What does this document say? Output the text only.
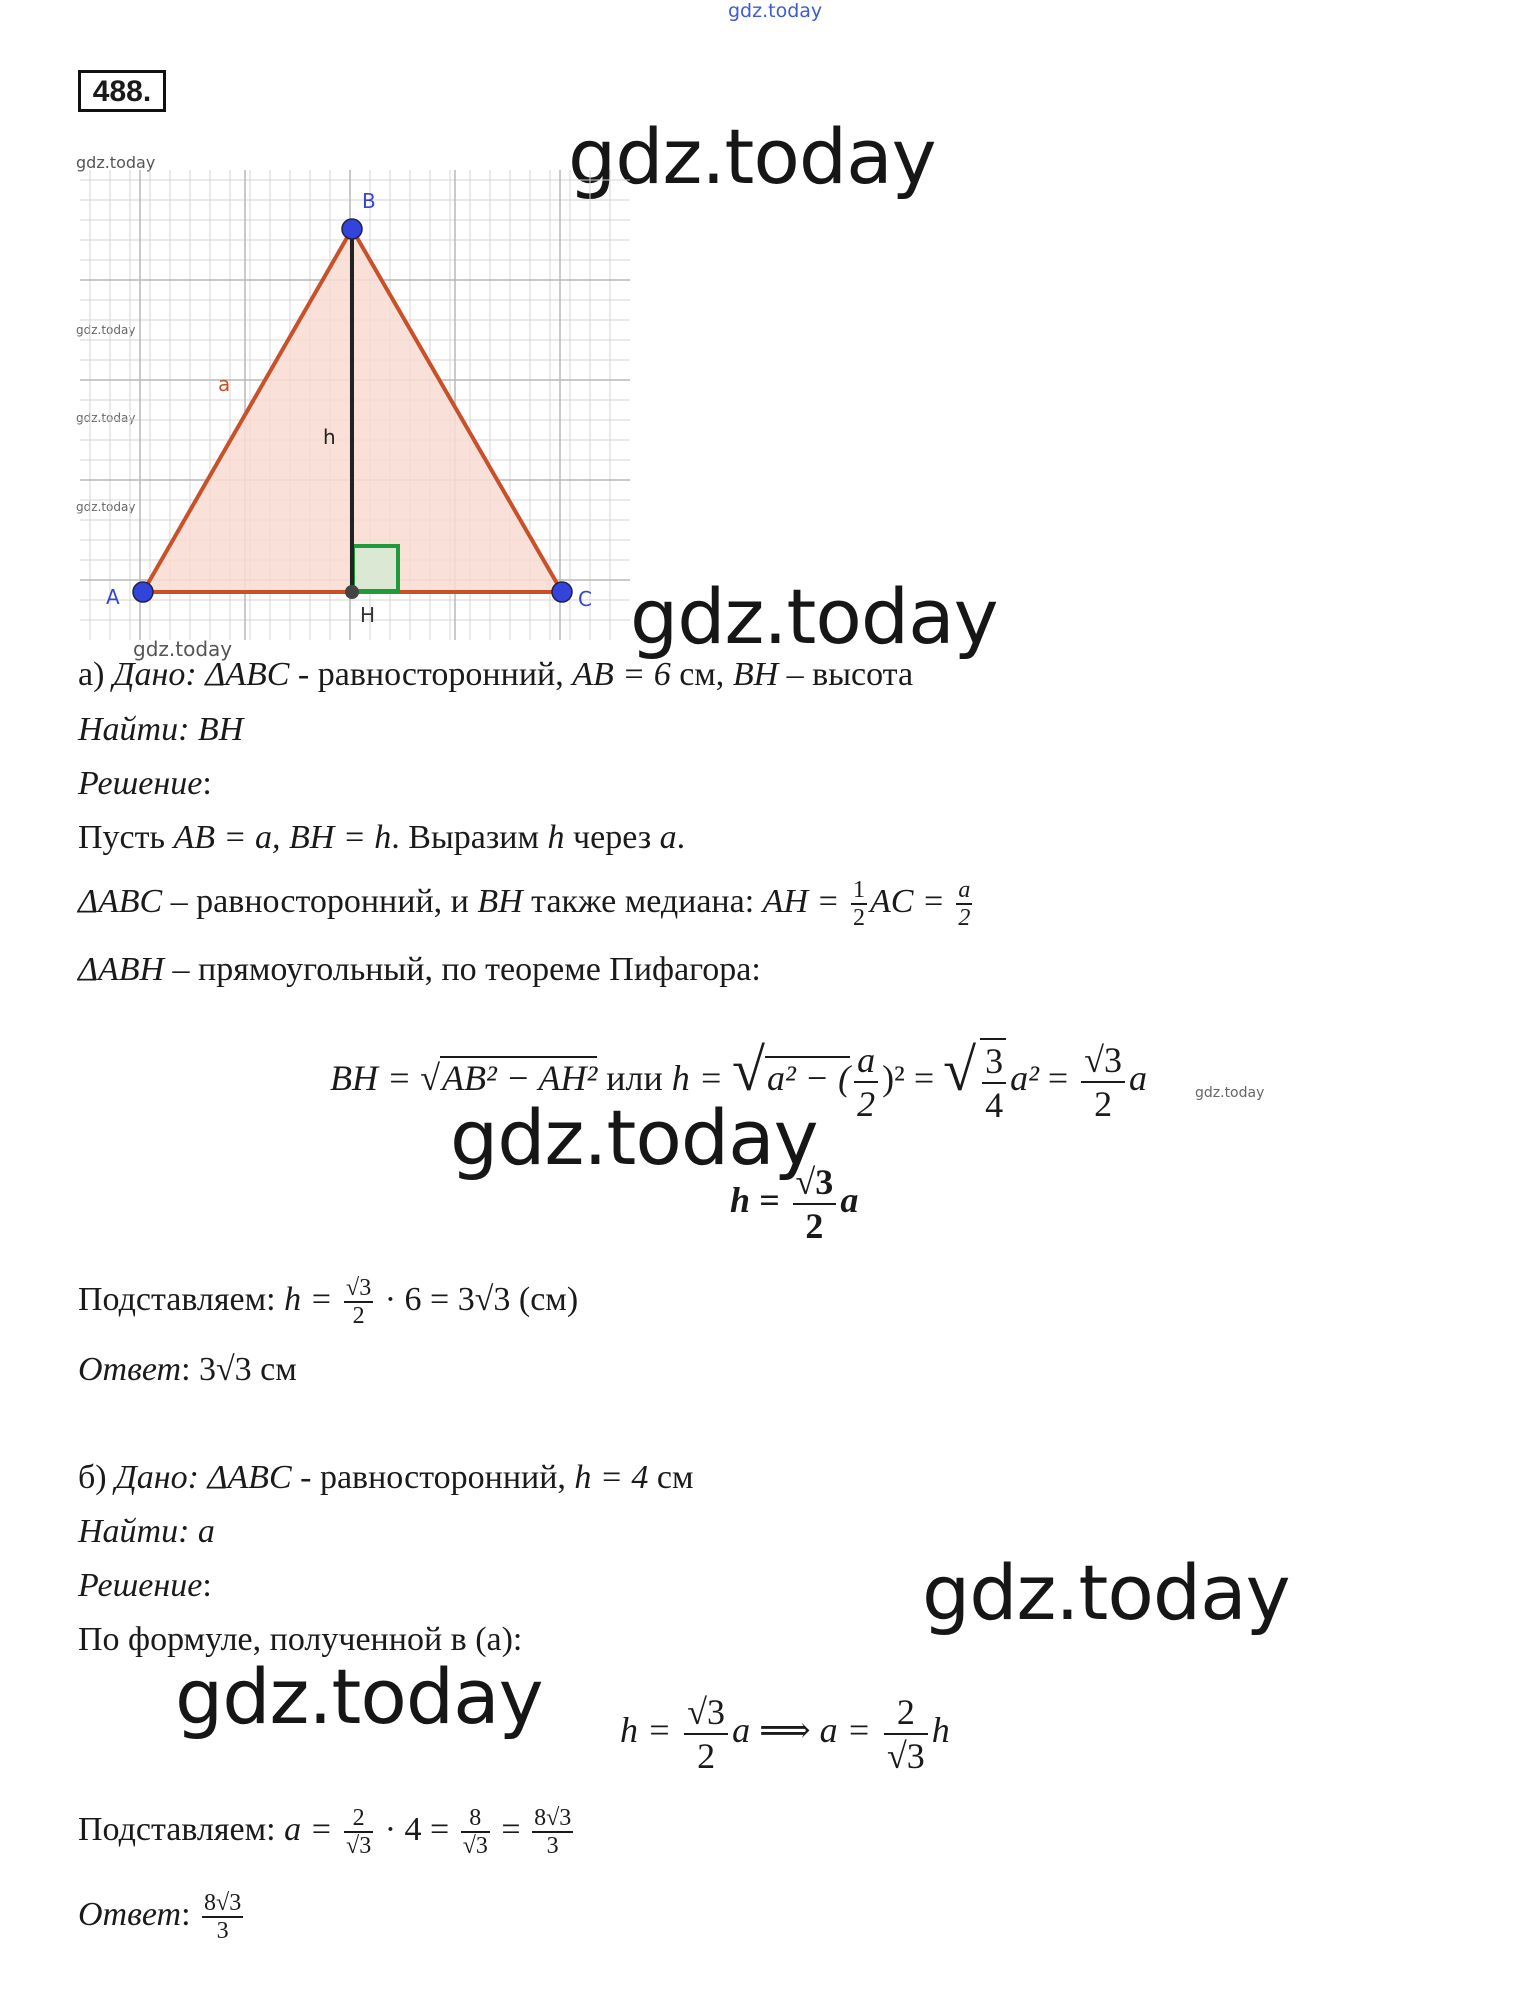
gdz.today
488.
gdz.today
gdz.today
gdz.today
gdz.today
gdz.today
gdz.today
gdz.today
gdz.today
gdz.today
gdz.today
B
A	C
H
a
h
а) Дано: ΔABC - равносторонний, AB = 6 см, BH – высота
Найти: BH
Решение:
Пусть AB = a, BH = h. Выразим h через a.
ΔABC – равносторонний, и BH также медиана: AH = $\frac{1}{2}$ AC = $\frac{a}{2}$
ΔABH – прямоугольный, по теореме Пифагора:
BH = √AB² − AH² или h = √a² − ( $\frac{a}{2} )^2$ = √ $\frac{3}{4} a^2 = \frac{√3}{2}$ a	gdz.today
$h = \frac{√3}{2}$ a
Подставляем: $h = \frac{√3}{2} \cdot 6 = 3√3$ (см)
Ответ: 3√3 см
б) Дано: ΔABC - равносторонний, h = 4 см
Найти: a
Решение:
По формуле, полученной в (а):
$h = \frac{√3}{2}$ a ⟹ $a = \frac{2}{√3}$ h
Подставляем: $a = \frac{2}{√3} \cdot 4 = \frac{8}{√3} = \frac{8√3}{3}$
Ответ: $\frac{8√3}{3}$
